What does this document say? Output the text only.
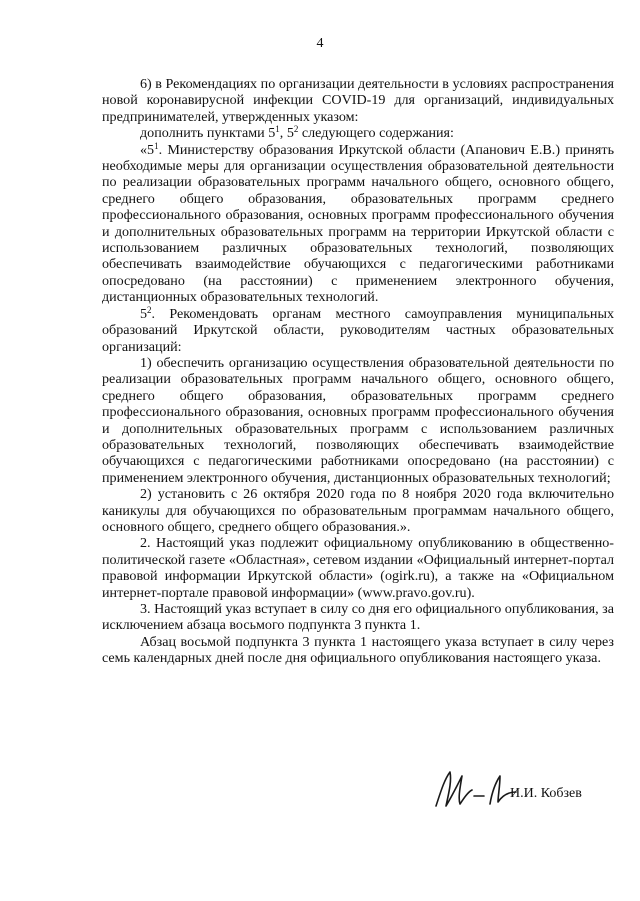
4

6) в Рекомендациях по организации деятельности в условиях распространения новой коронавирусной инфекции COVID-19 для организаций, индивидуальных предпринимателей, утвержденных указом:

дополнить пунктами $5^1$, $5^2$ следующего содержания:

«$5^1$. Министерству образования Иркутской области (Апанович Е.В.) принять необходимые меры для организации осуществления образовательной деятельности по реализации образовательных программ начального общего, основного общего, среднего общего образования, образовательных программ среднего профессионального образования, основных программ профессионального обучения и дополнительных образовательных программ на территории Иркутской области с использованием различных образовательных технологий, позволяющих обеспечивать взаимодействие обучающихся с педагогическими работниками опосредовано (на расстоянии) с применением электронного обучения, дистанционных образовательных технологий.

$5^2$. Рекомендовать органам местного самоуправления муниципальных образований Иркутской области, руководителям частных образовательных организаций:

1) обеспечить организацию осуществления образовательной деятельности по реализации образовательных программ начального общего, основного общего, среднего общего образования, образовательных программ среднего профессионального образования, основных программ профессионального обучения и дополнительных образовательных программ с использованием различных образовательных технологий, позволяющих обеспечивать взаимодействие обучающихся с педагогическими работниками опосредовано (на расстоянии) с применением электронного обучения, дистанционных образовательных технологий;

2) установить с 26 октября 2020 года по 8 ноября 2020 года включительно каникулы для обучающихся по образовательным программам начального общего, основного общего, среднего общего образования.».

2. Настоящий указ подлежит официальному опубликованию в общественно-политической газете «Областная», сетевом издании «Официальный интернет-портал правовой информации Иркутской области» (ogirk.ru), а также на «Официальном интернет-портале правовой информации» (www.pravo.gov.ru).

3. Настоящий указ вступает в силу со дня его официального опубликования, за исключением абзаца восьмого подпункта 3 пункта 1.

Абзац восьмой подпункта 3 пункта 1 настоящего указа вступает в силу через семь календарных дней после дня официального опубликования настоящего указа.

И.И. Кобзев
